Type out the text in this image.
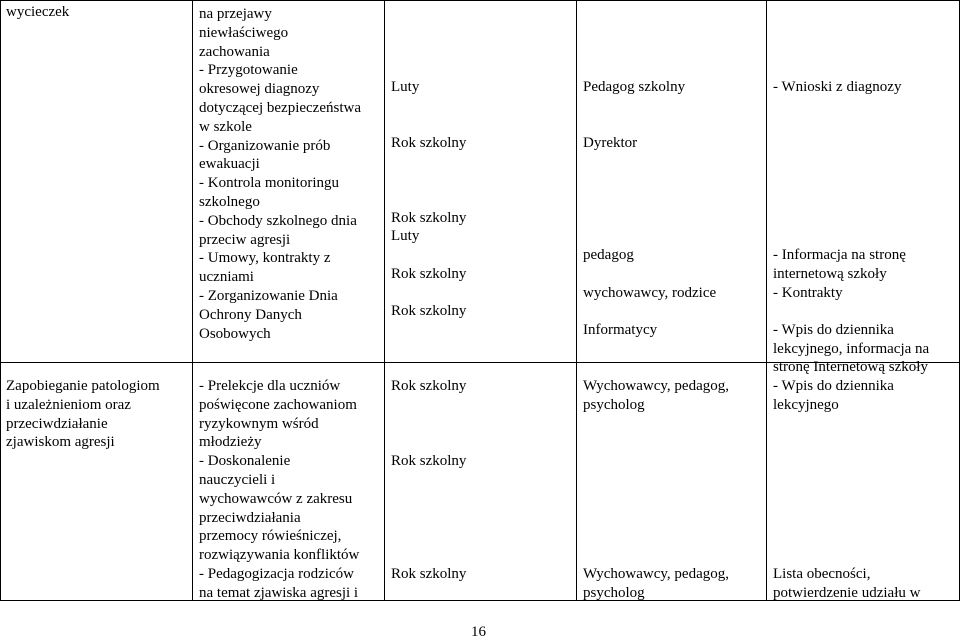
wycieczek	na przejawy
niewłaściwego
zachowania
- Przygotowanie
okresowej diagnozy
dotyczącej bezpieczeństwa
w szkole
- Organizowanie prób
ewakuacji
- Kontrola monitoringu
szkolnego
- Obchody szkolnego dnia
przeciw agresji
- Umowy, kontrakty z
uczniami
- Zorganizowanie Dnia
Ochrony Danych
Osobowych
Luty
Rok szkolny
Rok szkolny
Luty
Rok szkolny
Rok szkolny
Pedagog szkolny
Dyrektor
pedagog
wychowawcy, rodzice
Informatycy
- Wnioski z diagnozy
- Informacja na stronę
internetową szkoły
- Kontrakty
- Wpis do dziennika
lekcyjnego, informacja na
stronę Internetową szkoły
Zapobieganie patologiom
i uzależnieniom oraz
przeciwdziałanie
zjawiskom agresji
- Prelekcje dla uczniów
poświęcone zachowaniom
ryzykownym wśród
młodzieży
- Doskonalenie
nauczycieli i
wychowawców z zakresu
przeciwdziałania
przemocy rówieśniczej,
rozwiązywania konfliktów
- Pedagogizacja rodziców
na temat zjawiska agresji i
Rok szkolny
Rok szkolny
Rok szkolny
Wychowawcy, pedagog,
psycholog
Wychowawcy, pedagog,
psycholog
- Wpis do dziennika
lekcyjnego
Lista obecności,
potwierdzenie udziału w
16
